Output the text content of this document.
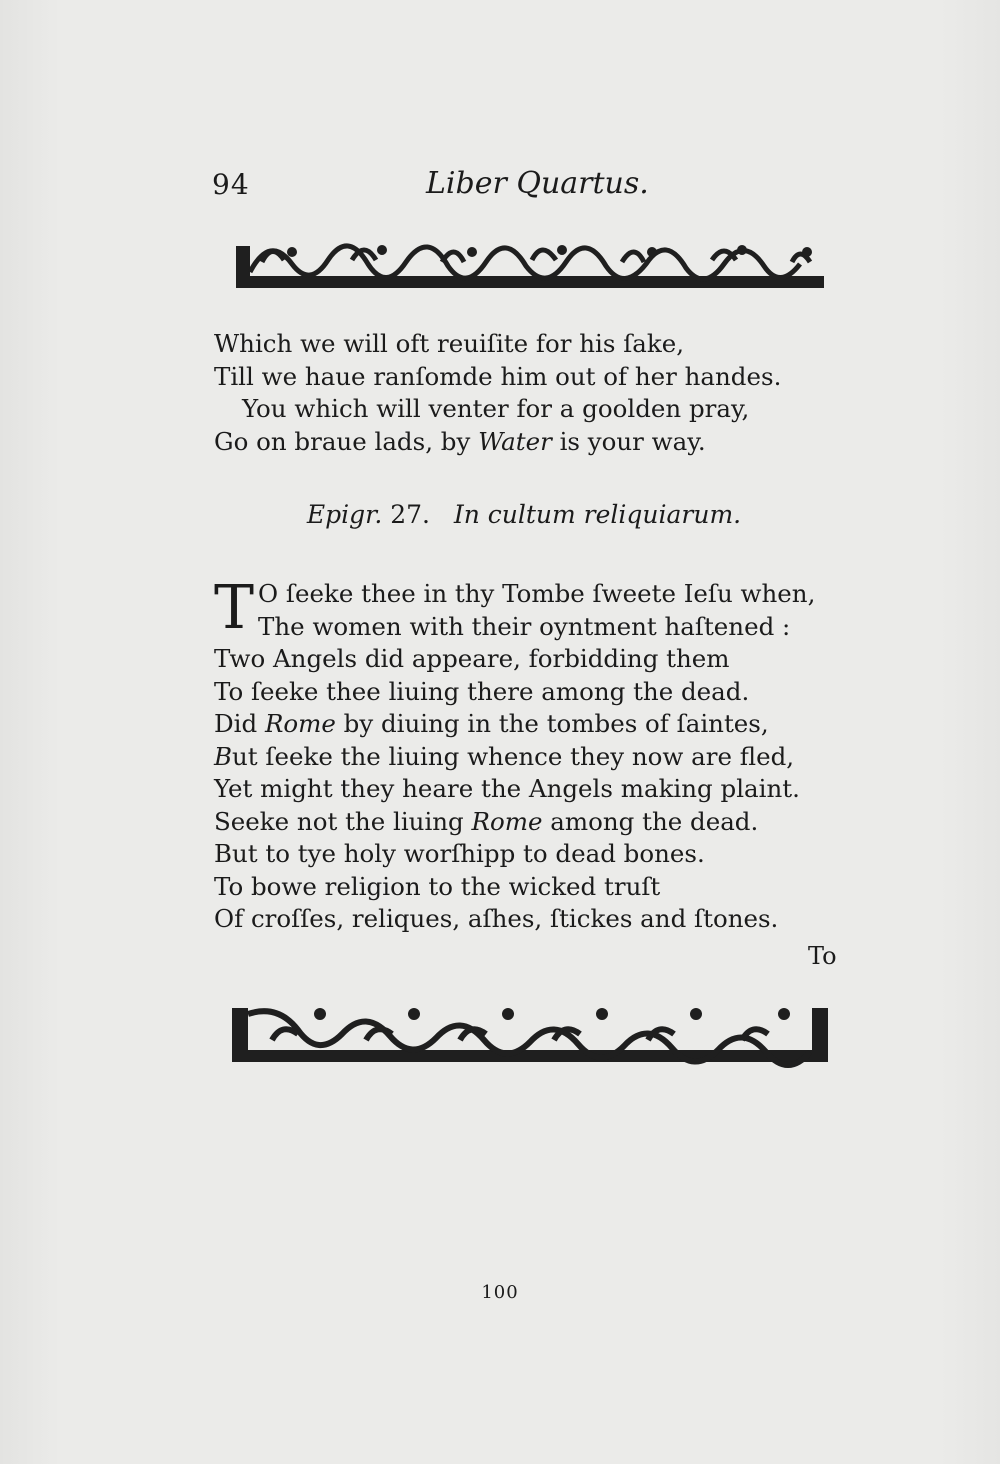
94	Liber Quartus.
Which we will oft reuiſite for his ſake,
Till we haue ranſomde him out of her handes.
You which will venter for a goolden pray,
Go on braue lads, by Water is your way.
Epigr. 27. In cultum reliquiarum.
T O ſeeke thee in thy Tombe ſweete Ieſu when,
The women with their oyntment haſtened :
Two Angels did appeare, forbidding them
To ſeeke thee liuing there among the dead.
Did Rome by diuing in the tombes of ſaintes,
But ſeeke the liuing whence they now are fled,
Yet might they heare the Angels making plaint.
Seeke not the liuing Rome among the dead.
But to tye holy worſhipp to dead bones.
To bowe religion to the wicked truſt
Of croſſes, reliques, aſhes, ſtickes and ſtones.
To
100
